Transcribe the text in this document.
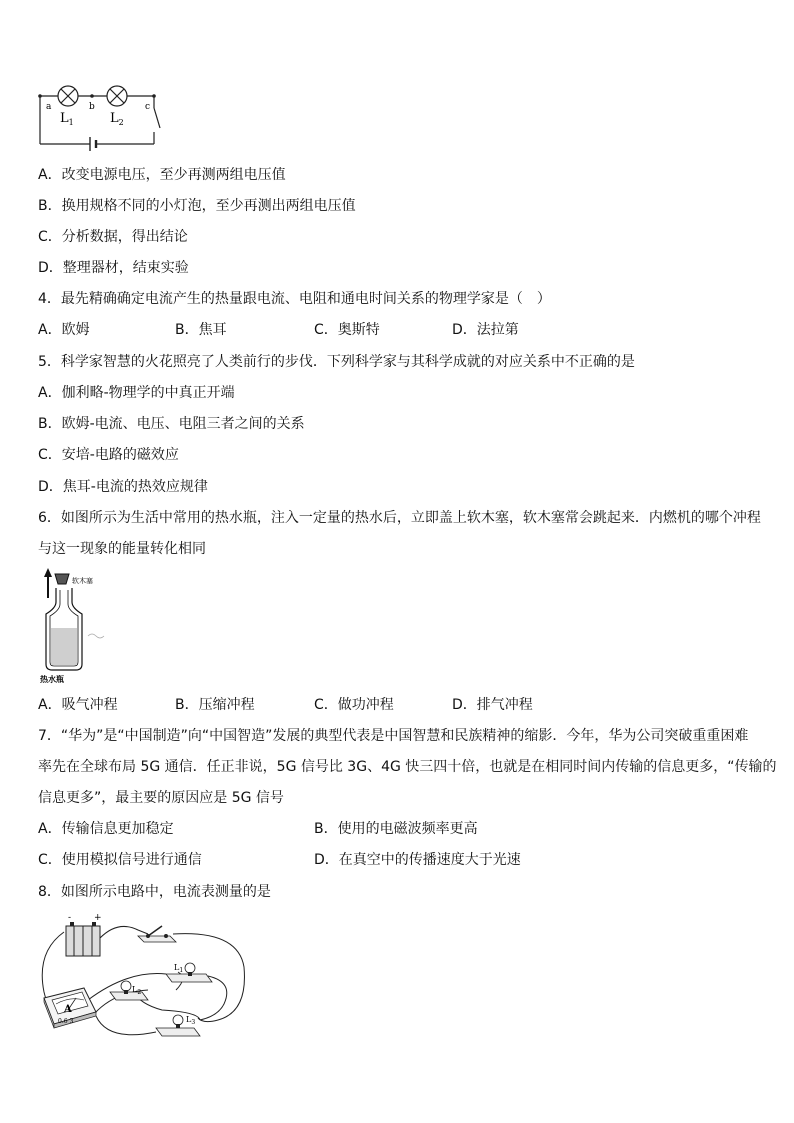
a	b	c
$L_1$	$L_2$
A．改变电源电压，至少再测两组电压值
B．换用规格不同的小灯泡，至少再测出两组电压值
C．分析数据，得出结论
D．整理器材，结束实验
4．最先精确确定电流产生的热量跟电流、电阻和通电时间关系的物理学家是（　）
A．欧姆	B．焦耳	C．奥斯特	D．法拉第
5．科学家智慧的火花照亮了人类前行的步伐．下列科学家与其科学成就的对应关系中不正确的是
A．伽利略-物理学的中真正开端
B．欧姆-电流、电压、电阻三者之间的关系
C．安培-电路的磁效应
D．焦耳-电流的热效应规律
6．如图所示为生活中常用的热水瓶，注入一定量的热水后，立即盖上软木塞，软木塞常会跳起来．内燃机的哪个冲程
与这一现象的能量转化相同
软木塞
热水瓶
A．吸气冲程	B．压缩冲程	C．做功冲程	D．排气冲程
7．“华为”是“中国制造”向“中国智造”发展的典型代表是中国智慧和民族精神的缩影．今年，华为公司突破重重困难
率先在全球布局 5G 通信．任正非说，5G 信号比 3G、4G 快三四十倍，也就是在相同时间内传输的信息更多，“传输的
信息更多”，最主要的原因应是 5G 信号
A．传输信息更加稳定	B．使用的电磁波频率更高
C．使用模拟信号进行通信	D．在真空中的传播速度大于光速
8．如图所示电路中，电流表测量的是
-	+
A
0.6 3
$L_1$
$L_2$
$L_3$
